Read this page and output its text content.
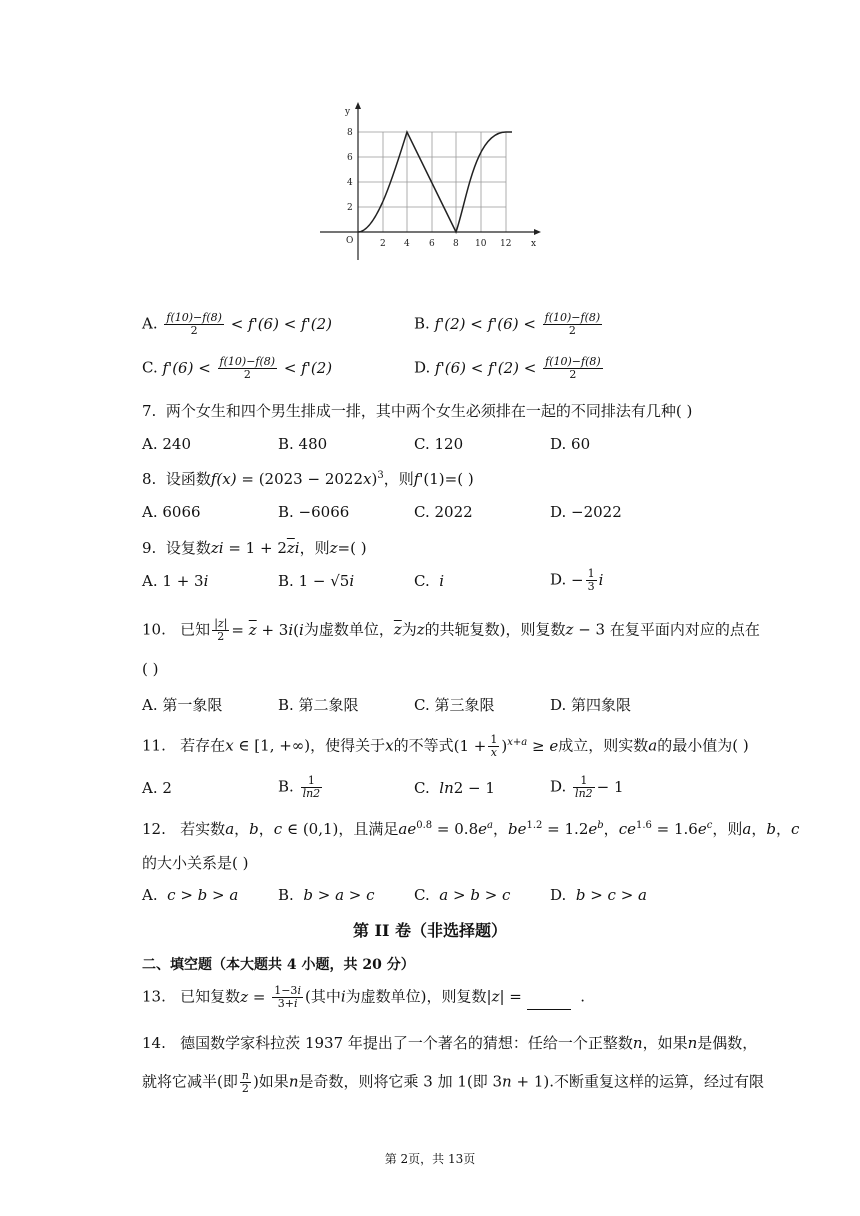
y
x
O	2 4 6 8 10 12
2
4
6
8
A. $\frac{f(10)-f(8)}{2} < f'(6) < f'(2)$	B. $f'(2) < f'(6) < \frac{f(10)-f(8)}{2}$
C. $f'(6) < \frac{f(10)-f(8)}{2} < f'(2)$	D. $f'(6) < f'(2) < \frac{f(10)-f(8)}{2}$
7. 两个女生和四个男生排成一排，其中两个女生必须排在一起的不同排法有几种( )
A. 240	B. 480	C. 120	D. 60
8. 设函数$f(x) = (2023 - 2022x)^3$，则f'(1)=( )
A. 6066	B. −6066	C. 2022	D. −2022
9. 设复数zi = $1 + 2\overline{z}i$，则z=( )
A. 1 + 3i	B. 1 − √5i	C. i	D. − $\frac{1}{3}$ i
10. 已知 $\frac{|z|}{2} = \overline{z} + 3i(i$为虚数单位，$\overline{z}$为z的共轭复数)，则复数z − 3 在复平面内对应的点在
( )
A. 第一象限	B. 第二象限	C. 第三象限	D. 第四象限
11. 若存在x ∈ [1, +∞)，使得关于x的不等式$(1 + \frac{1}{x} )^{x+a} \ge e$成立，则实数a的最小值为( )
A. 2	B. $\frac{1}{\ln 2}$	C. ln2 − 1	D. $\frac{1}{\ln 2} - 1$
12. 若实数a，b，c ∈ (0,1)，且满足$ae^{0.8} = 0.8e^a$，$be^{1.2} = 1.2e^b$，$ce^{1.6} = 1.6e^c$，则a，b，c
的大小关系是( )
A. c > b > a	B. b > a > c	C. a > b > c	D. b > c > a
第 II 卷（非选择题）
二、填空题（本大题共 4 小题，共 20 分）
13. 已知复数$z = \frac{1-3i}{3+i}$ (其中i为虚数单位)，则复数|z| =	.
14. 德国数学家科拉茨 1937 年提出了一个著名的猜想：任给一个正整数n，如果n是偶数，
就将它减半(即 $\frac{n}{2}$ )如果n是奇数，则将它乘 3 加 1(即 3n + 1).不断重复这样的运算，经过有限
第 2页，共 13页
